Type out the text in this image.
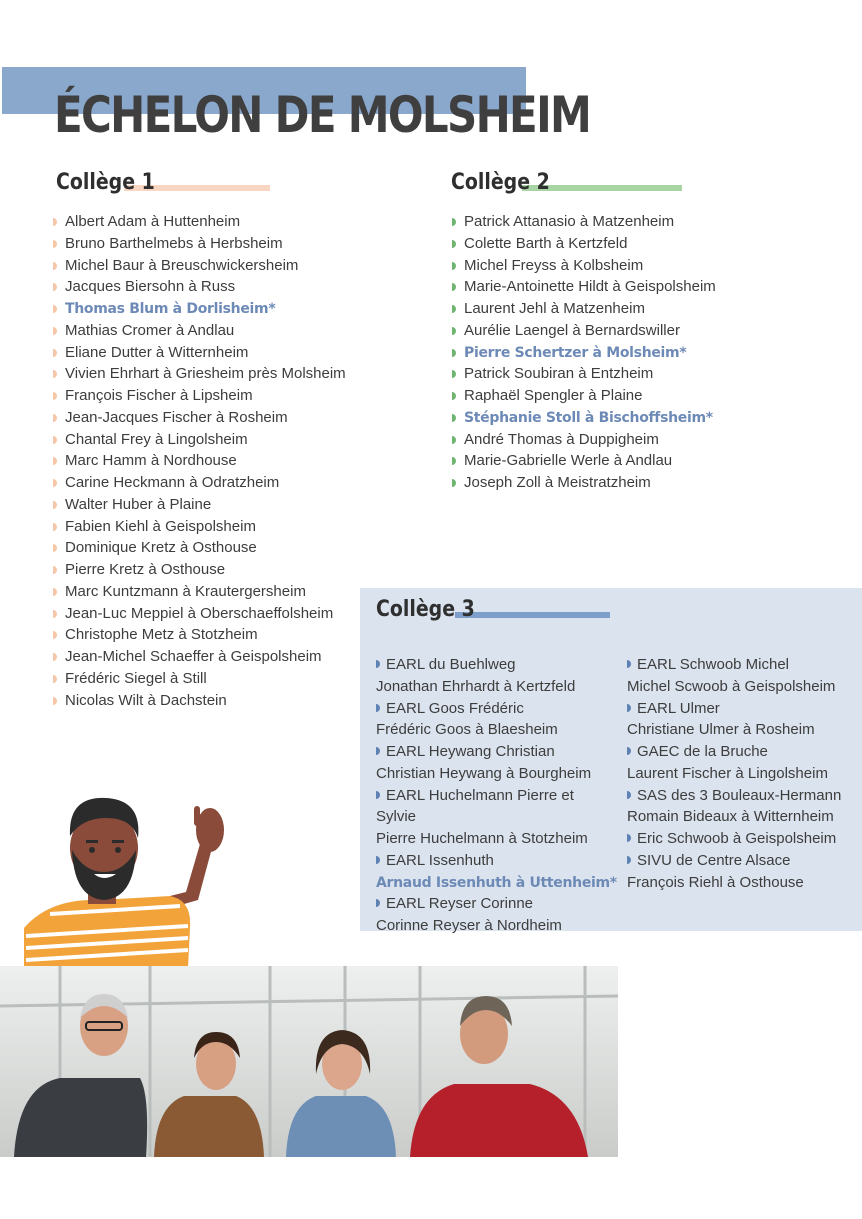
ÉCHELON DE MOLSHEIM
Collège 1
Albert Adam à Huttenheim
Bruno Barthelmebs à Herbsheim
Michel Baur à Breuschwickersheim
Jacques Biersohn à Russ
Thomas Blum à Dorlisheim*
Mathias Cromer à Andlau
Eliane Dutter à Witternheim
Vivien Ehrhart à Griesheim près Molsheim
François Fischer à Lipsheim
Jean-Jacques Fischer à Rosheim
Chantal Frey à Lingolsheim
Marc Hamm à Nordhouse
Carine Heckmann à Odratzheim
Walter Huber à Plaine
Fabien Kiehl à Geispolsheim
Dominique Kretz à Osthouse
Pierre Kretz à Osthouse
Marc Kuntzmann à Krautergersheim
Jean-Luc Meppiel à Oberschaeffolsheim
Christophe Metz à Stotzheim
Jean-Michel Schaeffer à Geispolsheim
Frédéric Siegel à Still
Nicolas Wilt à Dachstein
Collège 2
Patrick Attanasio à Matzenheim
Colette Barth à Kertzfeld
Michel Freyss à Kolbsheim
Marie-Antoinette Hildt à Geispolsheim
Laurent Jehl à Matzenheim
Aurélie Laengel à Bernardswiller
Pierre Schertzer à Molsheim*
Patrick Soubiran à Entzheim
Raphaël Spengler à Plaine
Stéphanie Stoll à Bischoffsheim*
André Thomas à Duppigheim
Marie-Gabrielle Werle à Andlau
Joseph Zoll à Meistratzheim
Collège 3
EARL du Buehlweg
Jonathan Ehrhardt à Kertzfeld
EARL Goos Frédéric
Frédéric Goos à Blaesheim
EARL Heywang Christian
Christian Heywang à Bourgheim
EARL Huchelmann Pierre et
Sylvie
Pierre Huchelmann à Stotzheim
EARL Issenhuth
Arnaud Issenhuth à Uttenheim*
EARL Reyser Corinne
Corinne Reyser à Nordheim
EARL Schwoob Michel
Michel Scwoob à Geispolsheim
EARL Ulmer
Christiane Ulmer à Rosheim
GAEC de la Bruche
Laurent Fischer à Lingolsheim
SAS des 3 Bouleaux-Hermann
Romain Bideaux à Witternheim
Eric Schwoob à Geispolsheim
SIVU de Centre Alsace
François Riehl à Osthouse
